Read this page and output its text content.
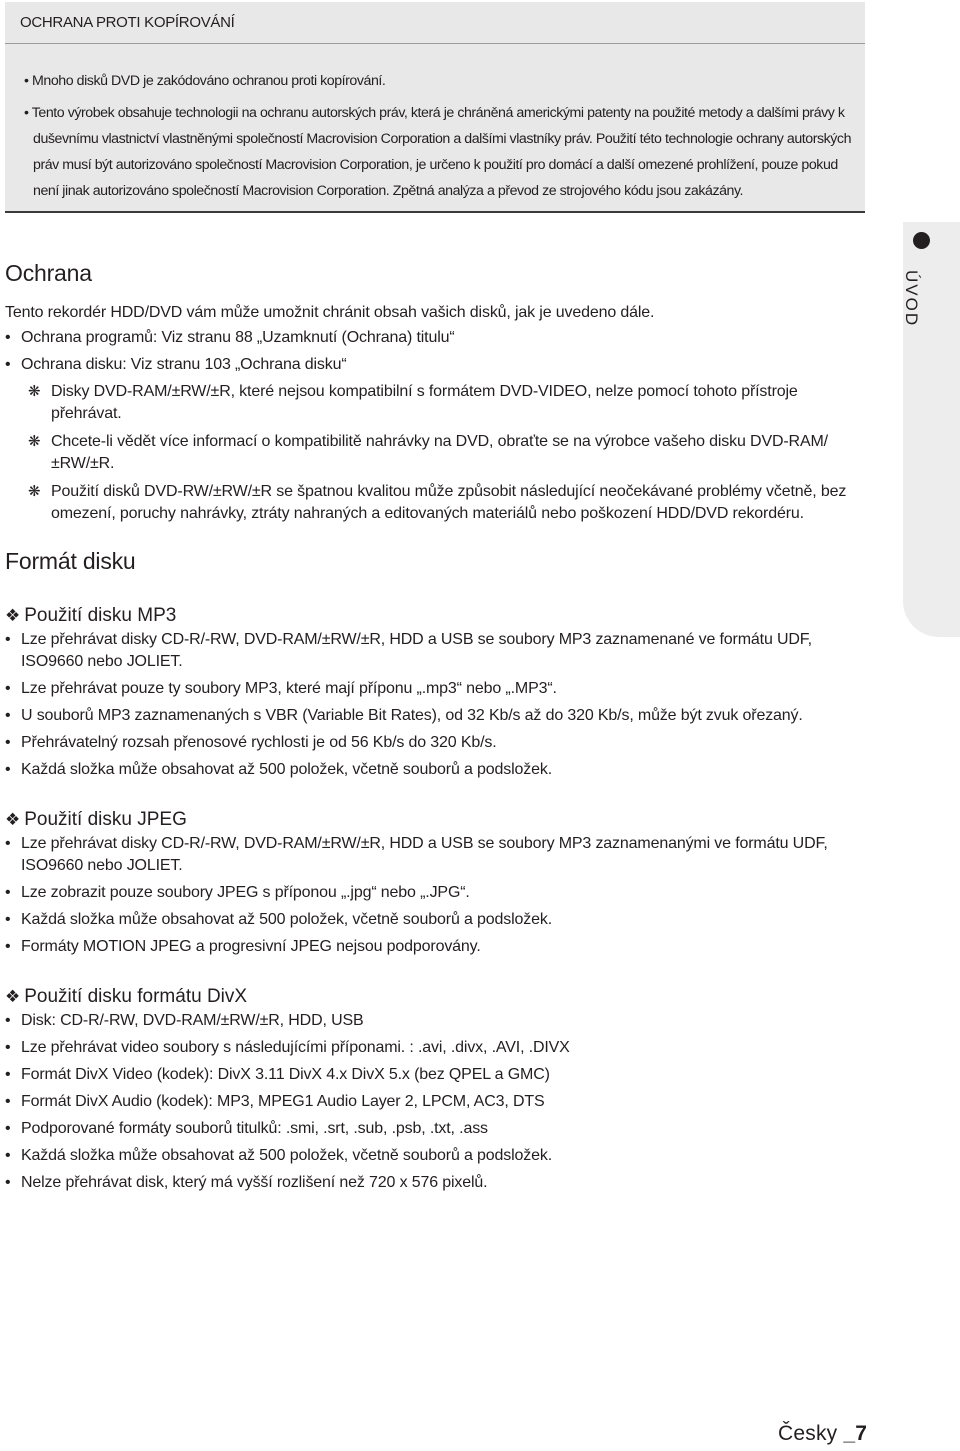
OCHRANA PROTI KOPÍROVÁNÍ
• Mnoho disků DVD je zakódováno ochranou proti kopírování.
• Tento výrobek obsahuje technologii na ochranu autorských práv, která je chráněná americkými patenty na použité metody a dalšími právy k duševnímu vlastnictví vlastněnými společností Macrovision Corporation a dalšími vlastníky práv. Použití této technologie ochrany autorských práv musí být autorizováno společností Macrovision Corporation, je určeno k použití pro domácí a další omezené prohlížení, pouze pokud není jinak autorizováno společností Macrovision Corporation. Zpětná analýza a převod ze strojového kódu jsou zakázány.
ÚVOD
Ochrana

Tento rekordér HDD/DVD vám může umožnit chránit obsah vašich disků, jak je uvedeno dále.

• Ochrana programů: Viz stranu 88 „Uzamknutí (Ochrana) titulu“
• Ochrana disku: Viz stranu 103 „Ochrana disku“
❋ Disky DVD-RAM/±RW/±R, které nejsou kompatibilní s formátem DVD-VIDEO, nelze pomocí tohoto přístroje přehrávat.
❋ Chcete-li vědět více informací o kompatibilitě nahrávky na DVD, obraťte se na výrobce vašeho disku DVD-RAM/±RW/±R.
❋ Použití disků DVD-RW/±RW/±R se špatnou kvalitou může způsobit následující neočekávané problémy včetně, bez omezení, poruchy nahrávky, ztráty nahraných a editovaných materiálů nebo poškození HDD/DVD rekordéru.
Formát disku
❖ Použití disku MP3
• Lze přehrávat disky CD-R/-RW, DVD-RAM/±RW/±R, HDD a USB se soubory MP3 zaznamenané ve formátu UDF, ISO9660 nebo JOLIET.
• Lze přehrávat pouze ty soubory MP3, které mají příponu „.mp3“ nebo „.MP3“.
• U souborů MP3 zaznamenaných s VBR (Variable Bit Rates), od 32 Kb/s až do 320 Kb/s, může být zvuk ořezaný.
• Přehrávatelný rozsah přenosové rychlosti je od 56 Kb/s do 320 Kb/s.
• Každá složka může obsahovat až 500 položek, včetně souborů a podsložek.
❖ Použití disku JPEG
• Lze přehrávat disky CD-R/-RW, DVD-RAM/±RW/±R, HDD a USB se soubory MP3 zaznamenanými ve formátu UDF, ISO9660 nebo JOLIET.
• Lze zobrazit pouze soubory JPEG s příponou „.jpg“ nebo „.JPG“.
• Každá složka může obsahovat až 500 položek, včetně souborů a podsložek.
• Formáty MOTION JPEG a progresivní JPEG nejsou podporovány.
❖ Použití disku formátu DivX
• Disk: CD-R/-RW, DVD-RAM/±RW/±R, HDD, USB
• Lze přehrávat video soubory s následujícími příponami. : .avi, .divx, .AVI, .DIVX
• Formát DivX Video (kodek): DivX 3.11 DivX 4.x DivX 5.x (bez QPEL a GMC)
• Formát DivX Audio (kodek): MP3, MPEG1 Audio Layer 2, LPCM, AC3, DTS
• Podporované formáty souborů titulků: .smi, .srt, .sub, .psb, .txt, .ass
• Každá složka může obsahovat až 500 položek, včetně souborů a podsložek.
• Nelze přehrávat disk, který má vyšší rozlišení než 720 x 576 pixelů.
Česky _7
